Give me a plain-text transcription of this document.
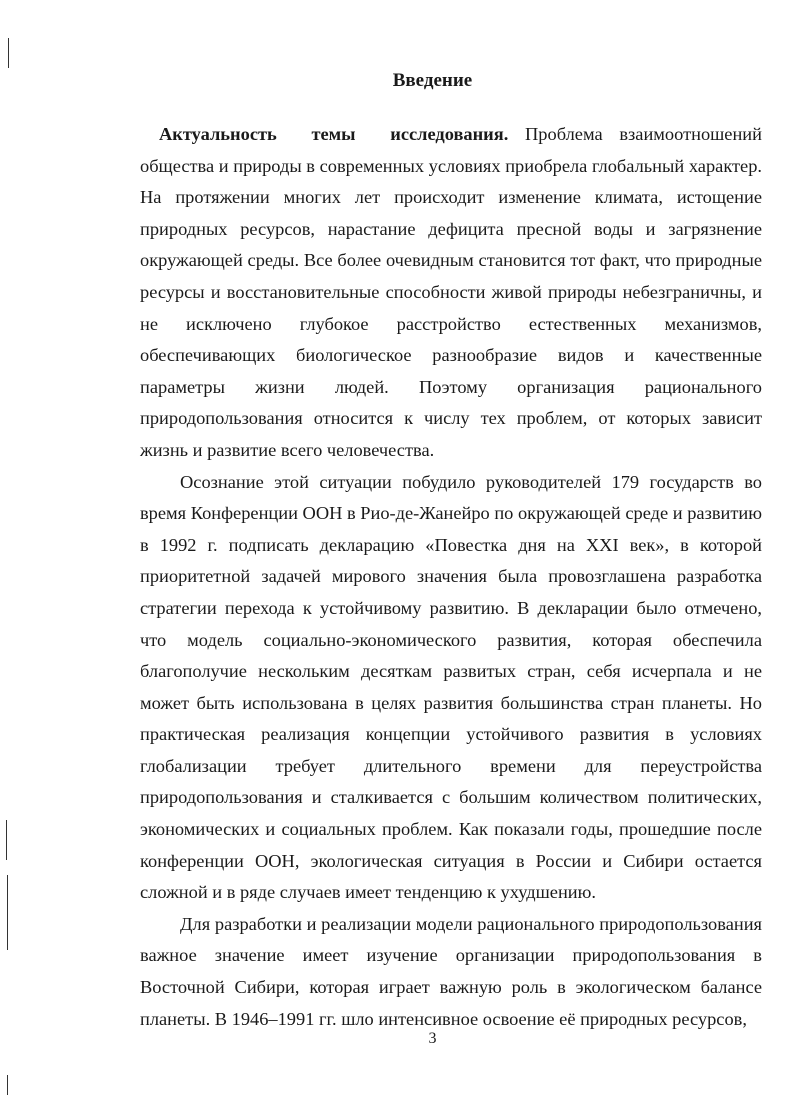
Введение

Актуальность темы исследования. Проблема взаимоотношений общества и природы в современных условиях приобрела глобальный характер. На протяжении многих лет происходит изменение климата, истощение природных ресурсов, нарастание дефицита пресной воды и загрязнение окружающей среды. Все более очевидным становится тот факт, что природные ресурсы и восстановительные способности живой природы небезграничны, и не исключено глубокое расстройство естественных механизмов, обеспечивающих биологическое разнообразие видов и качественные параметры жизни людей. Поэтому организация рационального природопользования относится к числу тех проблем, от которых зависит жизнь и развитие всего человечества.

Осознание этой ситуации побудило руководителей 179 государств во время Конференции ООН в Рио-де-Жанейро по окружающей среде и развитию в 1992 г. подписать декларацию «Повестка дня на XXI век», в которой приоритетной задачей мирового значения была провозглашена разработка стратегии перехода к устойчивому развитию. В декларации было отмечено, что модель социально-экономического развития, которая обеспечила благополучие нескольким десяткам развитых стран, себя исчерпала и не может быть использована в целях развития большинства стран планеты. Но практическая реализация концепции устойчивого развития в условиях глобализации требует длительного времени для переустройства природопользования и сталкивается с большим количеством политических, экономических и социальных проблем. Как показали годы, прошедшие после конференции ООН, экологическая ситуация в России и Сибири остается сложной и в ряде случаев имеет тенденцию к ухудшению.

Для разработки и реализации модели рационального природопользования важное значение имеет изучение организации природопользования в Восточной Сибири, которая играет важную роль в экологическом балансе планеты. В 1946–1991 гг. шло интенсивное освоение её природных ресурсов,

3
